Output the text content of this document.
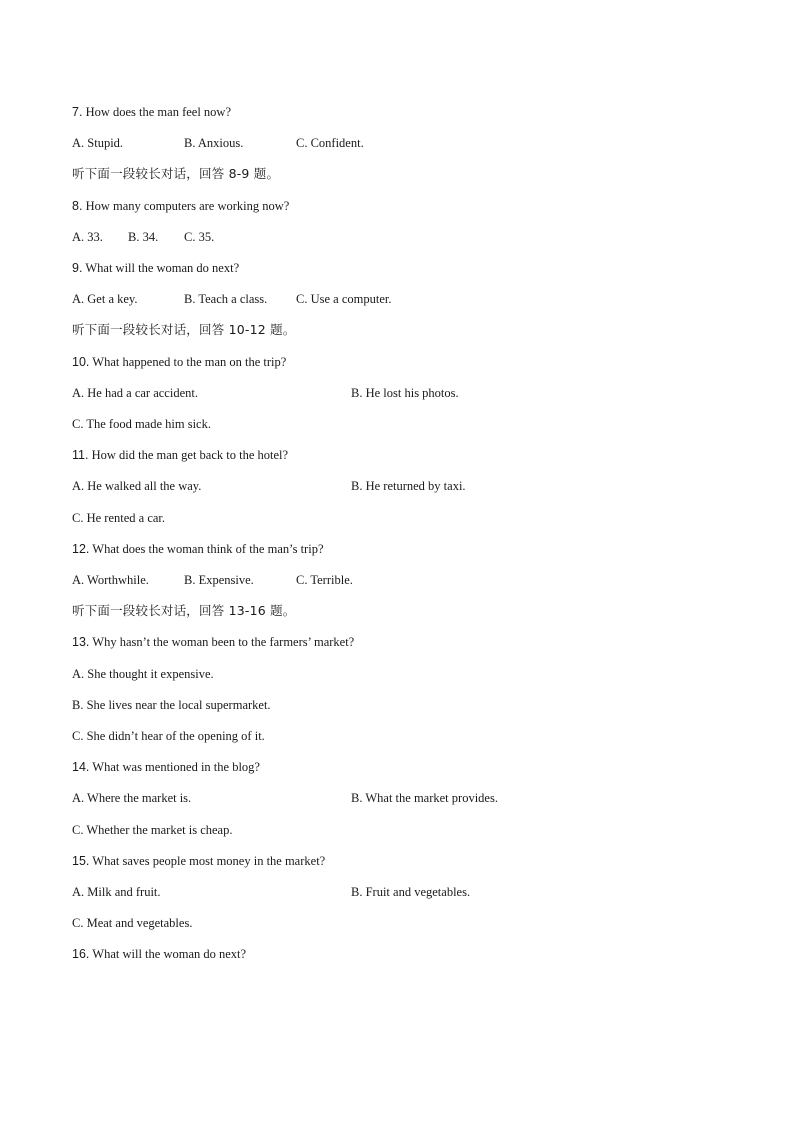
7. How does the man feel now?
A. Stupid.	B. Anxious.	C. Confident.
听下面一段较长对话，回答 8-9 题。
8. How many computers are working now?
A. 33. B. 34. C. 35.
9. What will the woman do next?
A. Get a key.	B. Teach a class. C. Use a computer.
听下面一段较长对话，回答 10-12 题。
10. What happened to the man on the trip?
A. He had a car accident.	B. He lost his photos.
C. The food made him sick.
11. How did the man get back to the hotel?
A. He walked all the way.	B. He returned by taxi.
C. He rented a car.
12. What does the woman think of the man’s trip?
A. Worthwhile.	B. Expensive.	C. Terrible.
听下面一段较长对话，回答 13-16 题。
13. Why hasn’t the woman been to the farmers’ market?
A. She thought it expensive.
B. She lives near the local supermarket.
C. She didn’t hear of the opening of it.
14. What was mentioned in the blog?
A. Where the market is.	B. What the market provides.
C. Whether the market is cheap.
15. What saves people most money in the market?
A. Milk and fruit.	B. Fruit and vegetables.
C. Meat and vegetables.
16. What will the woman do next?
